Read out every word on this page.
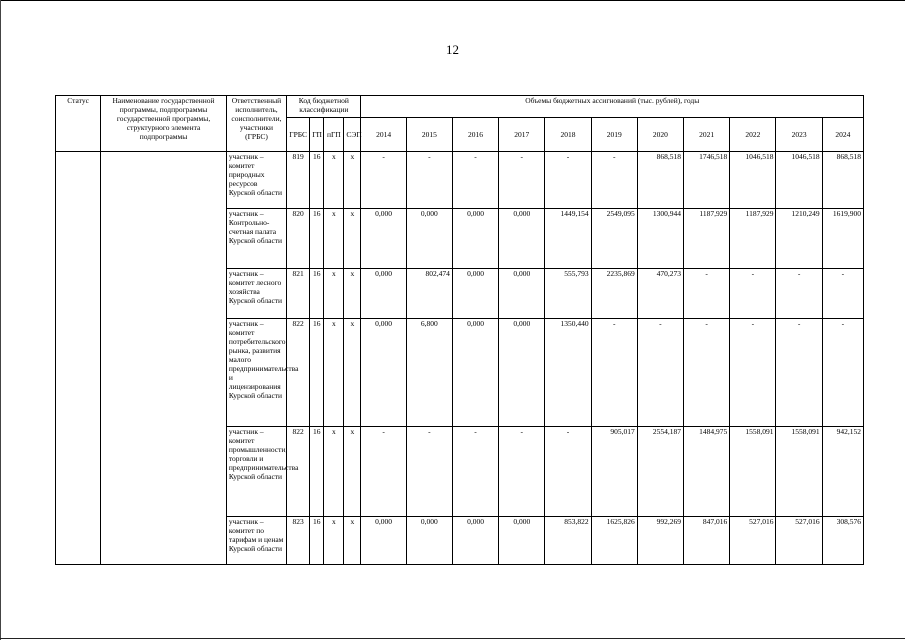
12
Статус	Наименование государственной программы, подпрограммы государственной программы, структурного элемента подпрограммы	Ответственный исполнитель, соисполнители, участники (ГРБС)	Код бюджетной классификации				Объемы бюджетных ассигнований (тыс. рублей), годы										
			ГРБС	ГП	пГП	СЭП	2014	2015	2016	2017	2018	2019	2020	2021	2022	2023	2024
		участник – комитет природных ресурсов Курской области	819	16	х	х	-	-	-	-	-	-	868,518	1746,518	1046,518	1046,518	868,518
		участник – Контрольно-счетная палата Курской области	820	16	х	х	0,000	0,000	0,000	0,000	1449,154	2549,095	1300,944	1187,929	1187,929	1210,249	1619,900
		участник – комитет лесного хозяйства Курской области	821	16	х	х	0,000	802,474	0,000	0,000	555,793	2235,869	470,273	-	-	-	-
		участник – комитет потребительского рынка, развития малого предпринимательства и лицензирования Курской области	822	16	х	х	0,000	6,800	0,000	0,000	1350,440	-	-	-	-	-	-
		участник – комитет промышленности, торговли и предпринимательства Курской области	822	16	х	х	-	-	-	-	-	905,017	2554,187	1484,975	1558,091	1558,091	942,152
		участник – комитет по тарифам и ценам Курской области	823	16	х	х	0,000	0,000	0,000	0,000	853,822	1625,826	992,269	847,016	527,016	527,016	308,576
